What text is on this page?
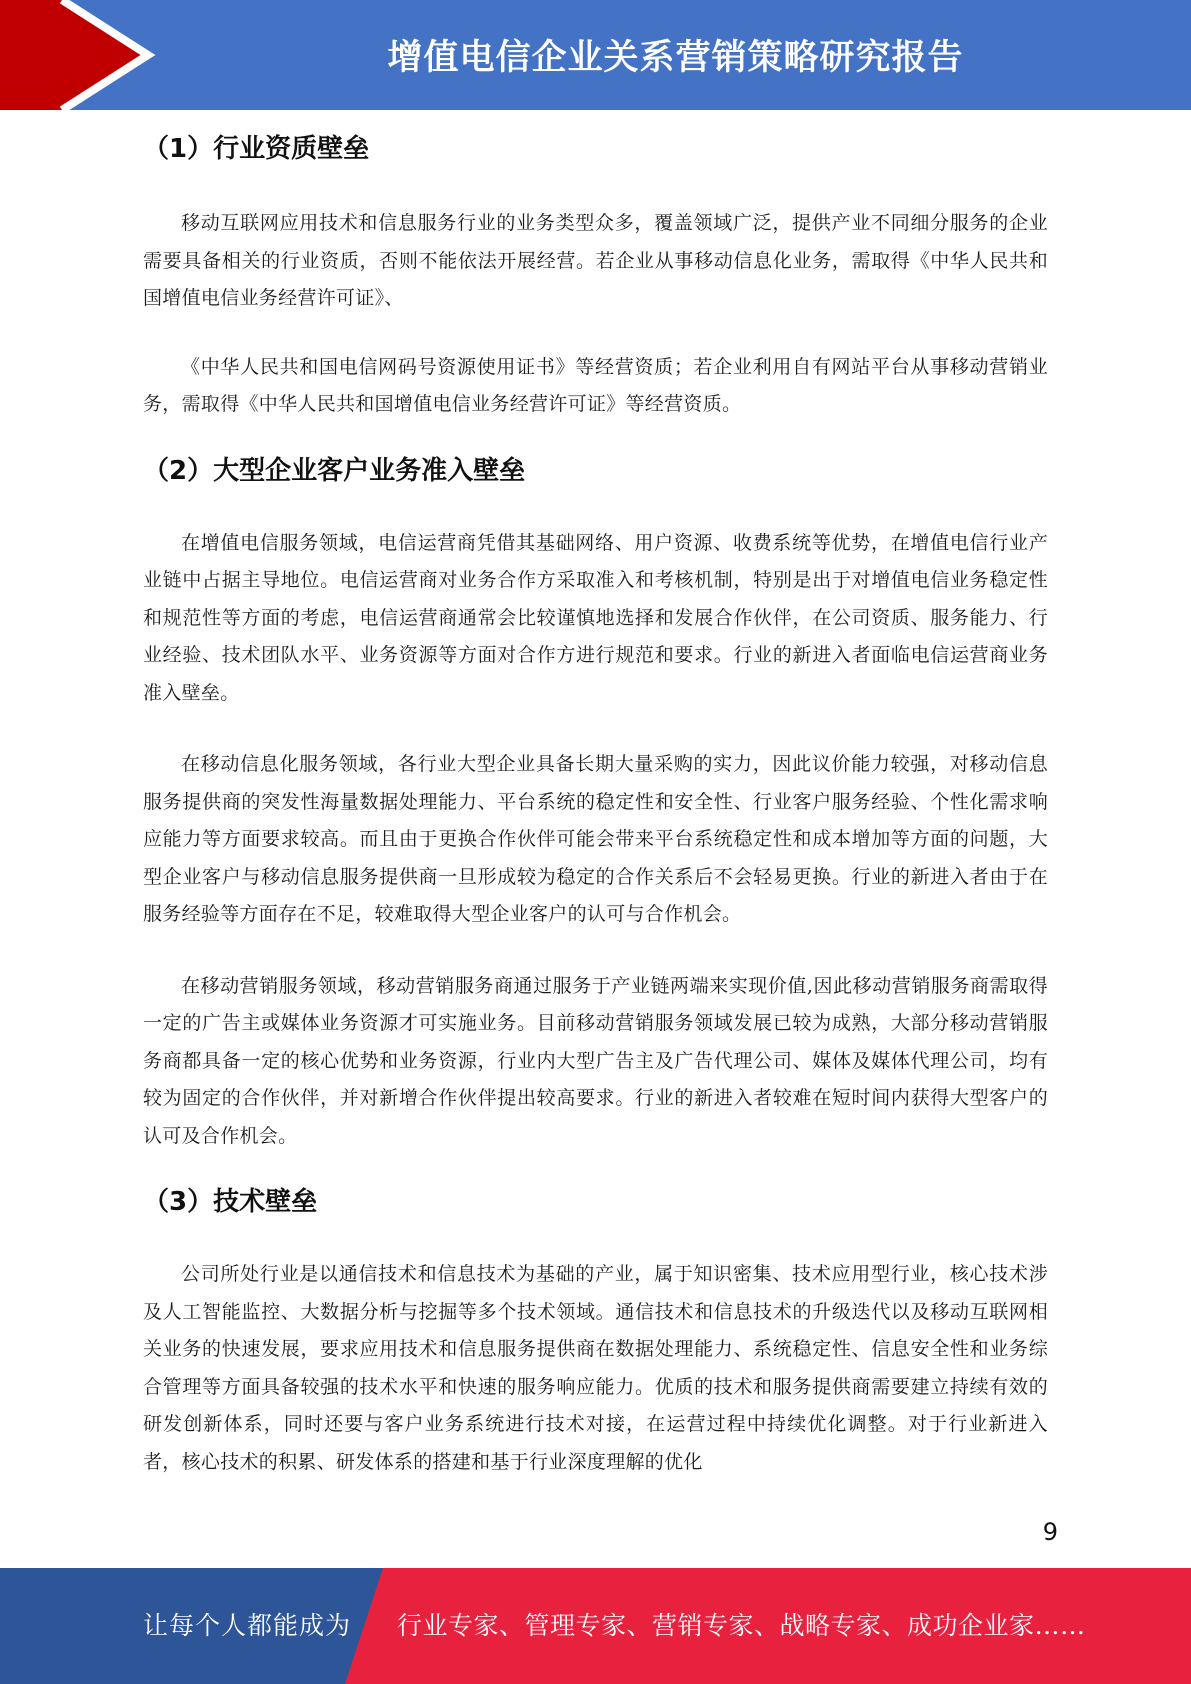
增值电信企业关系营销策略研究报告
（1）行业资质壁垒

移动互联网应用技术和信息服务行业的业务类型众多，覆盖领域广泛，提供产业不同细分服务的企业需要具备相关的行业资质，否则不能依法开展经营。若企业从事移动信息化业务，需取得《中华人民共和国增值电信业务经营许可证》、

《中华人民共和国电信网码号资源使用证书》等经营资质；若企业利用自有网站平台从事移动营销业务，需取得《中华人民共和国增值电信业务经营许可证》等经营资质。

（2）大型企业客户业务准入壁垒

在增值电信服务领域，电信运营商凭借其基础网络、用户资源、收费系统等优势，在增值电信行业产业链中占据主导地位。电信运营商对业务合作方采取准入和考核机制，特别是出于对增值电信业务稳定性和规范性等方面的考虑，电信运营商通常会比较谨慎地选择和发展合作伙伴，在公司资质、服务能力、行业经验、技术团队水平、业务资源等方面对合作方进行规范和要求。行业的新进入者面临电信运营商业务准入壁垒。

在移动信息化服务领域，各行业大型企业具备长期大量采购的实力，因此议价能力较强，对移动信息服务提供商的突发性海量数据处理能力、平台系统的稳定性和安全性、行业客户服务经验、个性化需求响应能力等方面要求较高。而且由于更换合作伙伴可能会带来平台系统稳定性和成本增加等方面的问题，大型企业客户与移动信息服务提供商一旦形成较为稳定的合作关系后不会轻易更换。行业的新进入者由于在服务经验等方面存在不足，较难取得大型企业客户的认可与合作机会。

在移动营销服务领域，移动营销服务商通过服务于产业链两端来实现价值,因此移动营销服务商需取得一定的广告主或媒体业务资源才可实施业务。目前移动营销服务领域发展已较为成熟，大部分移动营销服务商都具备一定的核心优势和业务资源，行业内大型广告主及广告代理公司、媒体及媒体代理公司，均有较为固定的合作伙伴，并对新增合作伙伴提出较高要求。行业的新进入者较难在短时间内获得大型客户的认可及合作机会。

（3）技术壁垒

公司所处行业是以通信技术和信息技术为基础的产业，属于知识密集、技术应用型行业，核心技术涉及人工智能监控、大数据分析与挖掘等多个技术领域。通信技术和信息技术的升级迭代以及移动互联网相关业务的快速发展，要求应用技术和信息服务提供商在数据处理能力、系统稳定性、信息安全性和业务综合管理等方面具备较强的技术水平和快速的服务响应能力。优质的技术和服务提供商需要建立持续有效的研发创新体系，同时还要与客户业务系统进行技术对接，在运营过程中持续优化调整。对于行业新进入者，核心技术的积累、研发体系的搭建和基于行业深度理解的优化

9
让每个人都能成为 行业专家、管理专家、营销专家、战略专家、成功企业家……
